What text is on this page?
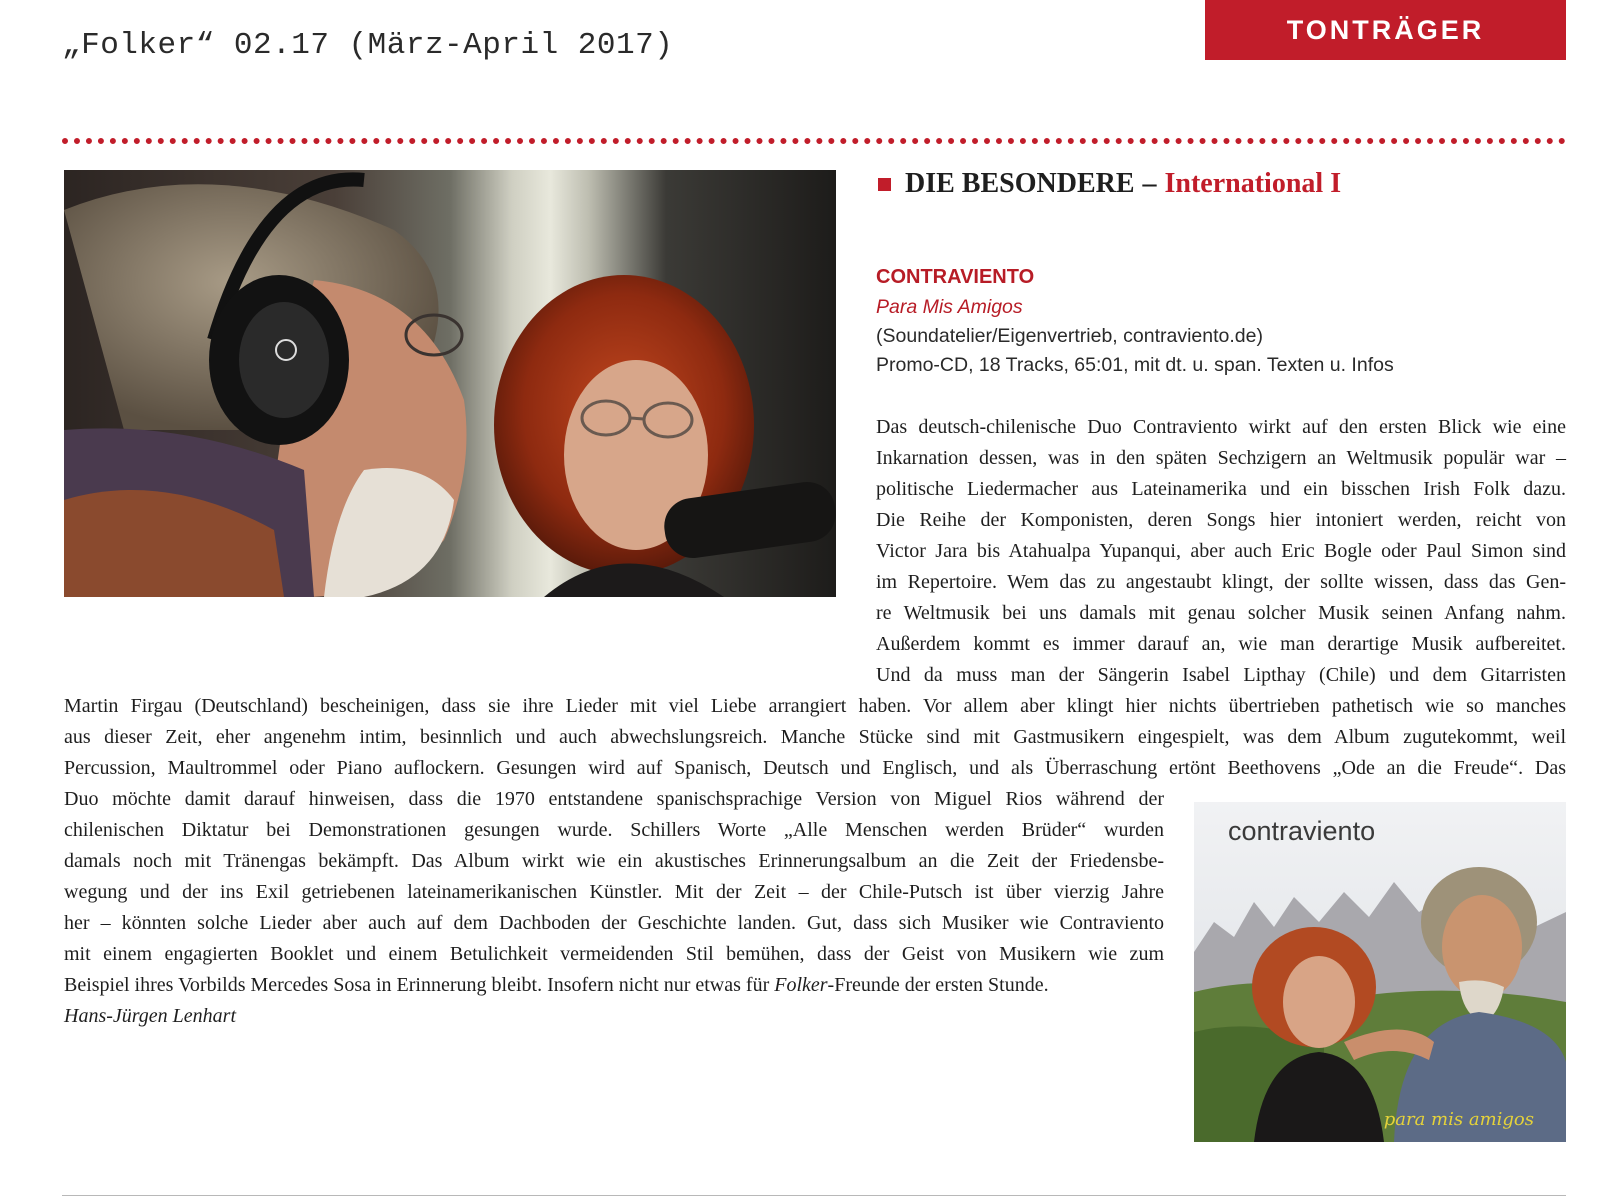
„Folker“ 02.17 (März-April 2017)	TONTRÄGER
DIE BESONDERE – International I
CONTRAVIENTO
Para Mis Amigos
(Soundatelier/Eigenvertrieb, contraviento.de)
Promo-CD, 18 Tracks, 65:01, mit dt. u. span. Texten u. Infos
Das deutsch-chilenische Duo Contraviento wirkt auf den ersten Blick wie eine
Inkarnation dessen, was in den späten Sechzigern an Weltmusik populär war –
politische Liedermacher aus Lateinamerika und ein bisschen Irish Folk dazu.
Die Reihe der Komponisten, deren Songs hier intoniert werden, reicht von
Victor Jara bis Atahualpa Yupanqui, aber auch Eric Bogle oder Paul Simon sind
im Repertoire. Wem das zu angestaubt klingt, der sollte wissen, dass das Gen-
re Weltmusik bei uns damals mit genau solcher Musik seinen Anfang nahm.
Außerdem kommt es immer darauf an, wie man derartige Musik aufbereitet.
Und da muss man der Sängerin Isabel Lipthay (Chile) und dem Gitarristen
Martin Firgau (Deutschland) bescheinigen, dass sie ihre Lieder mit viel Liebe arrangiert haben. Vor allem aber klingt hier nichts übertrieben pathetisch wie so manches
aus dieser Zeit, eher angenehm intim, besinnlich und auch abwechslungsreich. Manche Stücke sind mit Gastmusikern eingespielt, was dem Album zugutekommt, weil
Percussion, Maultrommel oder Piano auflockern. Gesungen wird auf Spanisch, Deutsch und Englisch, und als Überraschung ertönt Beethovens „Ode an die Freude“. Das
Duo möchte damit darauf hinweisen, dass die 1970 entstandene spanischsprachige Version von Miguel Rios während der
chilenischen Diktatur bei Demonstrationen gesungen wurde. Schillers Worte „Alle Menschen werden Brüder“ wurden
damals noch mit Tränengas bekämpft. Das Album wirkt wie ein akustisches Erinnerungsalbum an die Zeit der Friedensbe-
wegung und der ins Exil getriebenen lateinamerikanischen Künstler. Mit der Zeit – der Chile-Putsch ist über vierzig Jahre
her – könnten solche Lieder aber auch auf dem Dachboden der Geschichte landen. Gut, dass sich Musiker wie Contraviento
mit einem engagierten Booklet und einem Betulichkeit vermeidenden Stil bemühen, dass der Geist von Musikern wie zum
Beispiel ihres Vorbilds Mercedes Sosa in Erinnerung bleibt. Insofern nicht nur etwas für Folker-Freunde der ersten Stunde.
Hans-Jürgen Lenhart
contraviento
para mis amigos
